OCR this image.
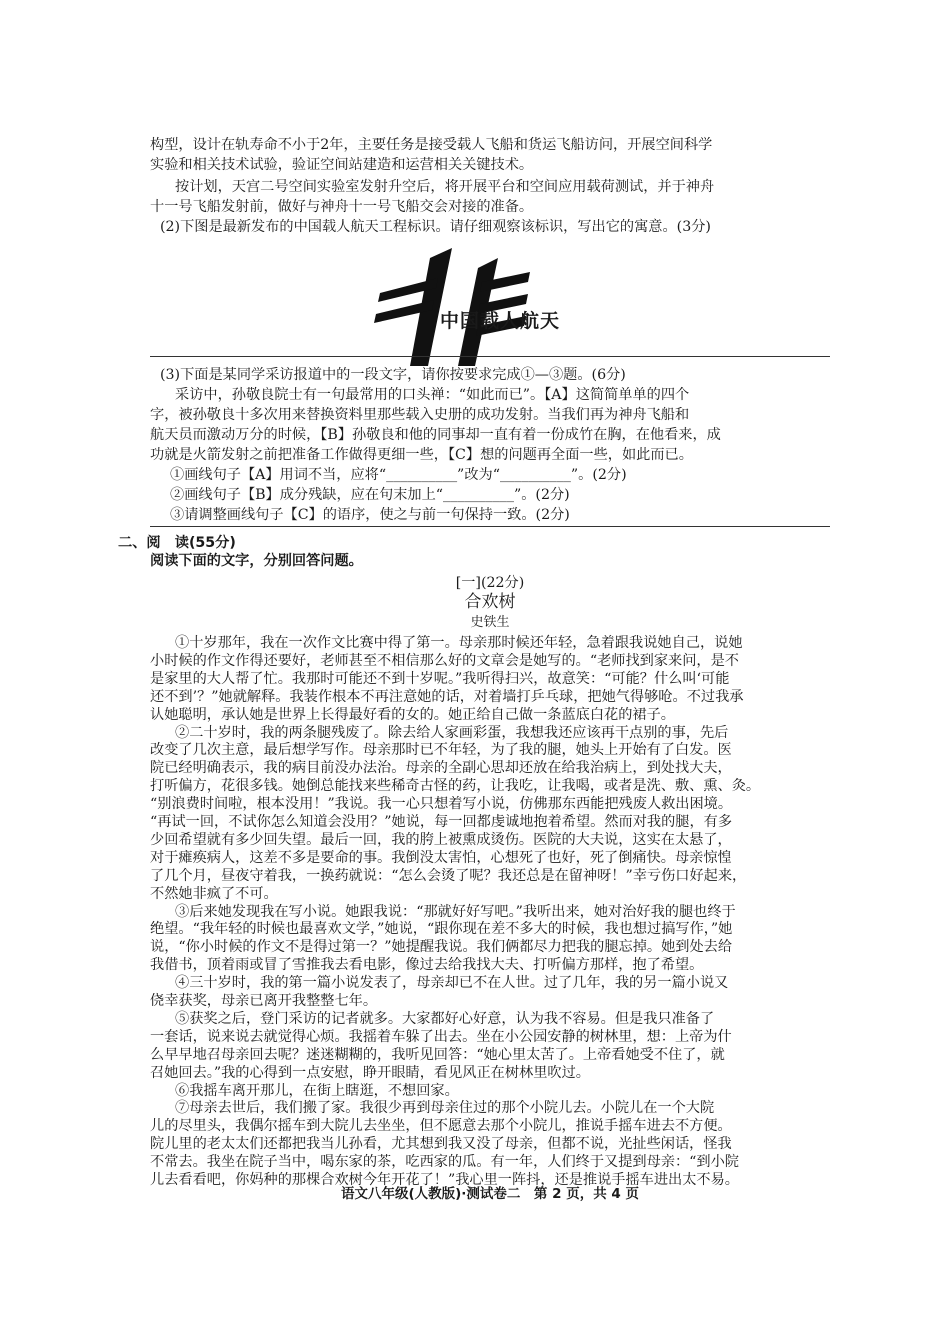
构型，设计在轨寿命不小于2年，主要任务是接受载人飞船和货运飞船访问，开展空间科学
实验和相关技术试验，验证空间站建造和运营相关关键技术。
按计划，天宫二号空间实验室发射升空后，将开展平台和空间应用载荷测试，并于神舟
十一号飞船发射前，做好与神舟十一号飞船交会对接的准备。
(2)下图是最新发布的中国载人航天工程标识。请仔细观察该标识，写出它的寓意。(3分)
中国载人航天
(3)下面是某同学采访报道中的一段文字，请你按要求完成①—③题。(6分)
采访中，孙敬良院士有一句最常用的口头禅：“如此而已”。【A】这简简单单的四个
字，被孙敬良十多次用来替换资料里那些载入史册的成功发射。当我们再为神舟飞船和
航天员而激动万分的时候，【B】孙敬良和他的同事却一直有着一份成竹在胸，在他看来，成
功就是火箭发射之前把准备工作做得更细一些，【C】想的问题再全面一些，如此而已。
①画线句子【A】用词不当，应将“__________”改为“__________”。(2分)
②画线句子【B】成分残缺，应在句末加上“__________”。(2分)
③请调整画线句子【C】的语序，使之与前一句保持一致。(2分)
二、阅　读(55分)
阅读下面的文字，分别回答问题。
[一](22分)
合欢树
史铁生
①十岁那年，我在一次作文比赛中得了第一。母亲那时候还年轻，急着跟我说她自己，说她
小时候的作文作得还要好，老师甚至不相信那么好的文章会是她写的。“老师找到家来问，是不
是家里的大人帮了忙。我那时可能还不到十岁呢。”我听得扫兴，故意笑：“可能？什么叫‘可能
还不到’？”她就解释。我装作根本不再注意她的话，对着墙打乒乓球，把她气得够呛。不过我承
认她聪明，承认她是世界上长得最好看的女的。她正给自己做一条蓝底白花的裙子。
②二十岁时，我的两条腿残废了。除去给人家画彩蛋，我想我还应该再干点别的事，先后
改变了几次主意，最后想学写作。母亲那时已不年轻，为了我的腿，她头上开始有了白发。医
院已经明确表示，我的病目前没办法治。母亲的全副心思却还放在给我治病上，到处找大夫，
打听偏方，花很多钱。她倒总能找来些稀奇古怪的药，让我吃，让我喝，或者是洗、敷、熏、灸。
“别浪费时间啦，根本没用！”我说。我一心只想着写小说，仿佛那东西能把残废人救出困境。
“再试一回，不试你怎么知道会没用？”她说，每一回都虔诚地抱着希望。然而对我的腿，有多
少回希望就有多少回失望。最后一回，我的胯上被熏成烫伤。医院的大夫说，这实在太悬了，
对于瘫痪病人，这差不多是要命的事。我倒没太害怕，心想死了也好，死了倒痛快。母亲惊惶
了几个月，昼夜守着我，一换药就说：“怎么会烫了呢？我还总是在留神呀！”幸亏伤口好起来，
不然她非疯了不可。
③后来她发现我在写小说。她跟我说：“那就好好写吧。”我听出来，她对治好我的腿也终于
绝望。“我年轻的时候也最喜欢文学，”她说，“跟你现在差不多大的时候，我也想过搞写作，”她
说，“你小时候的作文不是得过第一？”她提醒我说。我们俩都尽力把我的腿忘掉。她到处去给
我借书，顶着雨或冒了雪推我去看电影，像过去给我找大夫、打听偏方那样，抱了希望。
④三十岁时，我的第一篇小说发表了，母亲却已不在人世。过了几年，我的另一篇小说又
侥幸获奖，母亲已离开我整整七年。
⑤获奖之后，登门采访的记者就多。大家都好心好意，认为我不容易。但是我只准备了
一套话，说来说去就觉得心烦。我摇着车躲了出去。坐在小公园安静的树林里，想：上帝为什
么早早地召母亲回去呢？迷迷糊糊的，我听见回答：“她心里太苦了。上帝看她受不住了，就
召她回去。”我的心得到一点安慰，睁开眼睛，看见风正在树林里吹过。
⑥我摇车离开那儿，在街上瞎逛，不想回家。
⑦母亲去世后，我们搬了家。我很少再到母亲住过的那个小院儿去。小院儿在一个大院
儿的尽里头，我偶尔摇车到大院儿去坐坐，但不愿意去那个小院儿，推说手摇车进去不方便。
院儿里的老太太们还都把我当儿孙看，尤其想到我又没了母亲，但都不说，光扯些闲话，怪我
不常去。我坐在院子当中，喝东家的茶，吃西家的瓜。有一年，人们终于又提到母亲：“到小院
儿去看看吧，你妈种的那棵合欢树今年开花了！”我心里一阵抖，还是推说手摇车进出太不易。
语文八年级(人教版)·测试卷二　第 2 页，共 4 页
